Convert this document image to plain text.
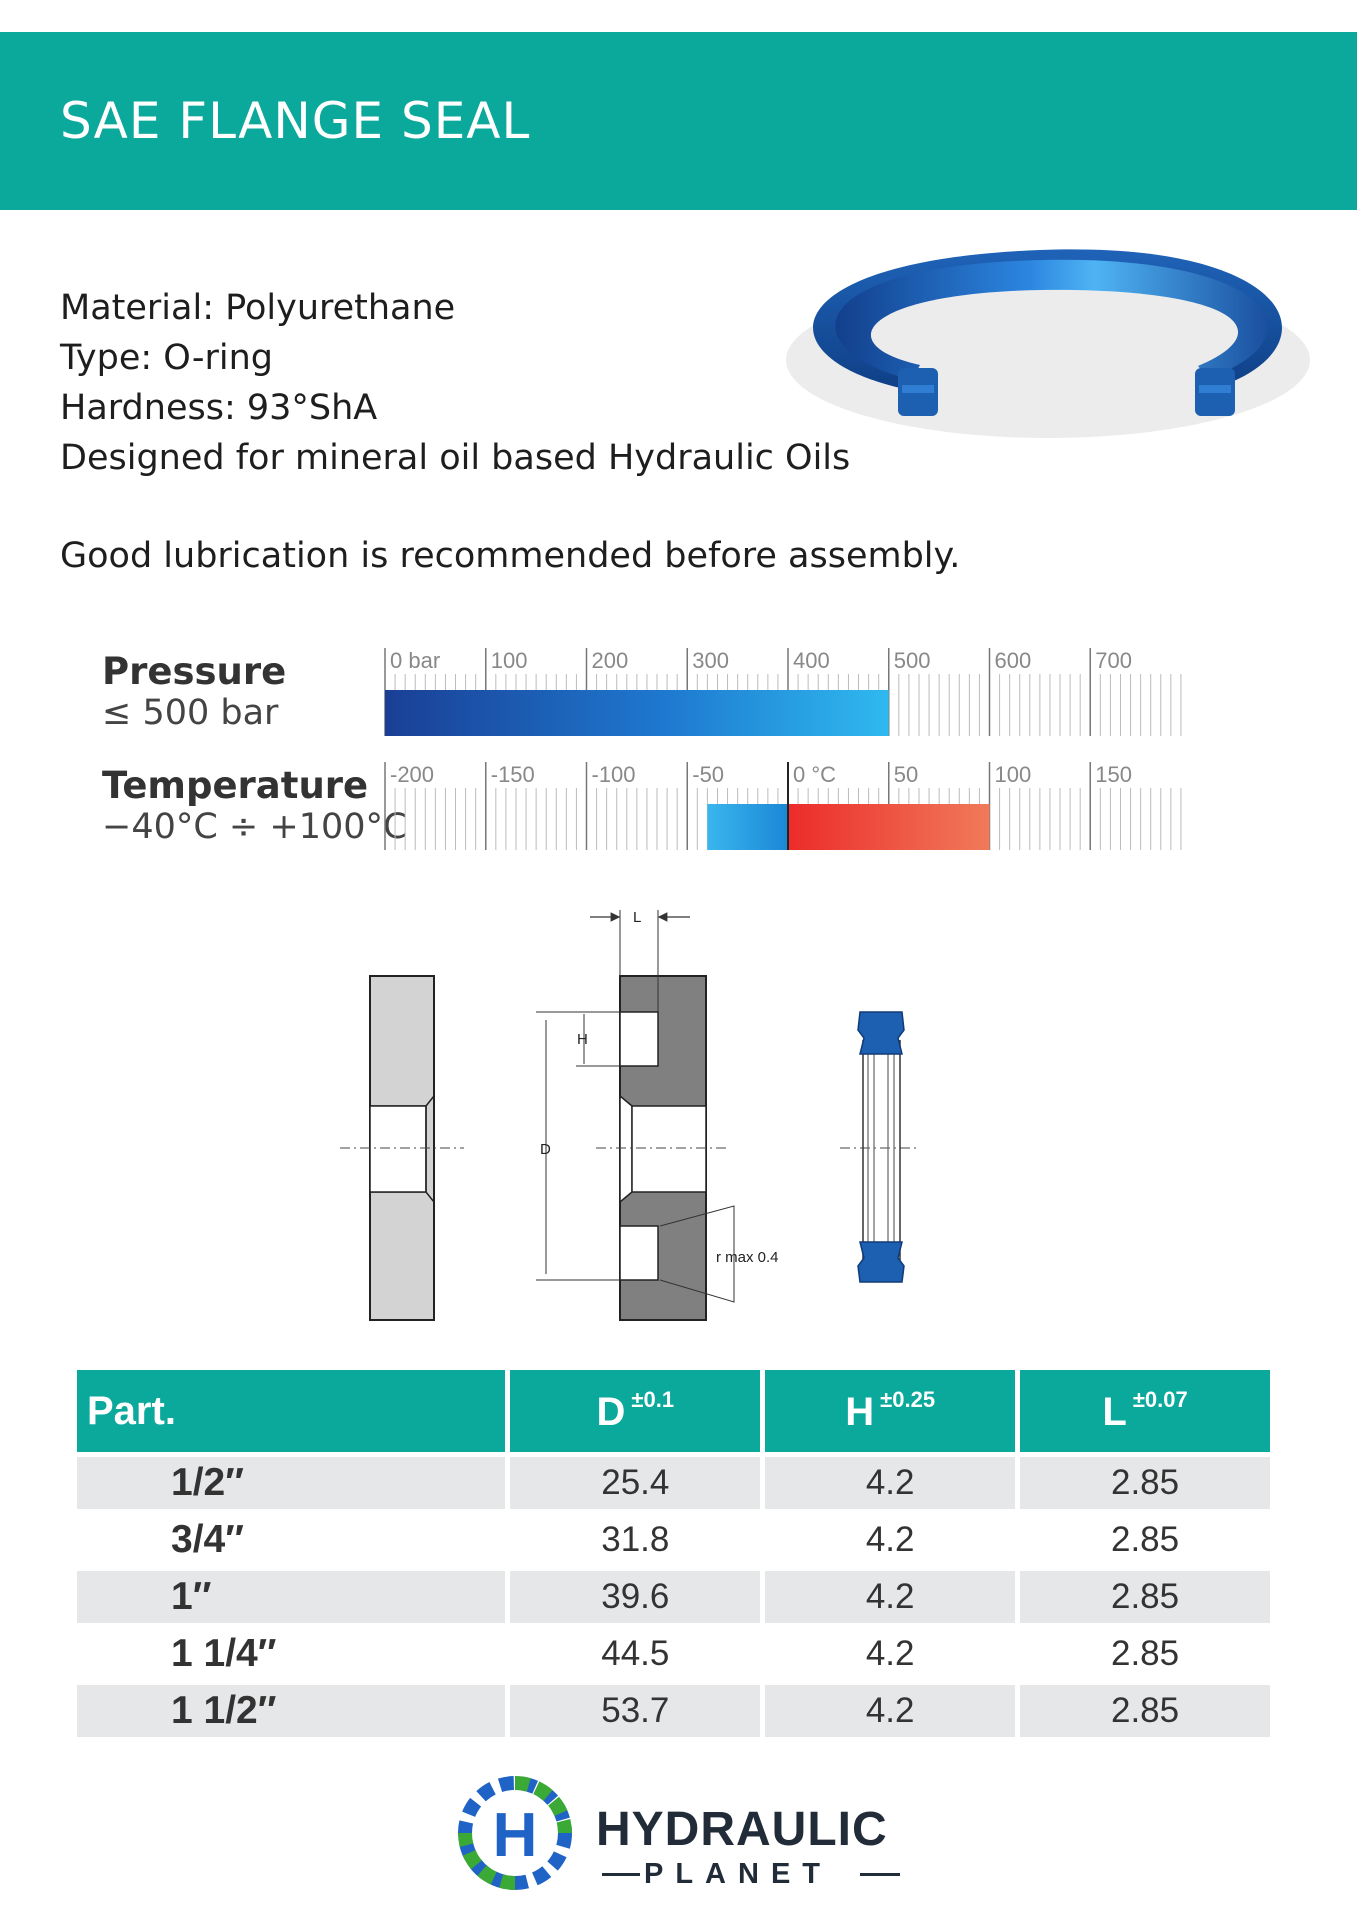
SAE FLANGE SEAL
Material: Polyurethane
Type: O-ring
Hardness: 93°ShA
Designed for mineral oil based Hydraulic Oils
Good lubrication is recommended before assembly.
Pressure
≤ 500 bar
0 bar 100	200	300	400	500	600	700
Temperature
−40°C ÷ +100°C
-200	-150	-100	-50	0 °C	50	100	150
L
H
D
r max 0.4
Part.	D $^{\pm 0.1}$	H $^{\pm 0.25}$	L $^{\pm 0.07}$
1/2″	25.4	4.2	2.85
3/4″	31.8	4.2	2.85
1″	39.6	4.2	2.85
1 1/4″	44.5	4.2	2.85
1 1/2″	53.7	4.2	2.85
H HYDRAULIC
PLANET
